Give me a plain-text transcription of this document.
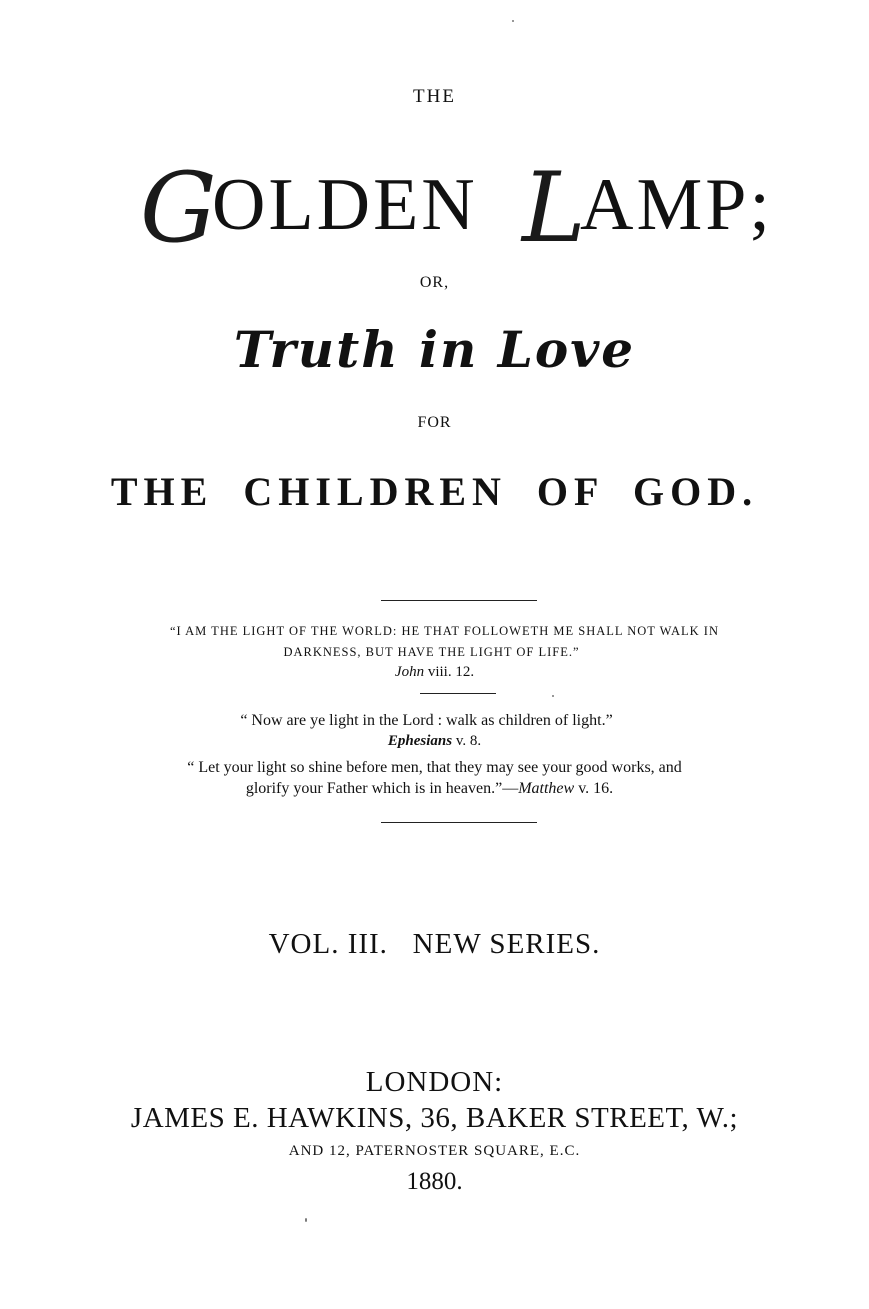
THE
G
OLDEN L
AMP;
OR,
Truth in Love
FOR
THE CHILDREN OF GOD.
“I AM THE LIGHT OF THE WORLD: HE THAT FOLLOWETH ME SHALL NOT WALK IN
DARKNESS, BUT HAVE THE LIGHT OF LIFE.”
John viii. 12.
“ Now are ye light in the Lord : walk as children of light.”
Ephesians v. 8.
“ Let your light so shine before men, that they may see your good works, and
glorify your Father which is in heaven.”—Matthew v. 16.
VOL. III.   NEW SERIES.
LONDON:
JAMES E. HAWKINS, 36, BAKER STREET, W.;
AND 12, PATERNOSTER SQUARE, E.C.
1880.
